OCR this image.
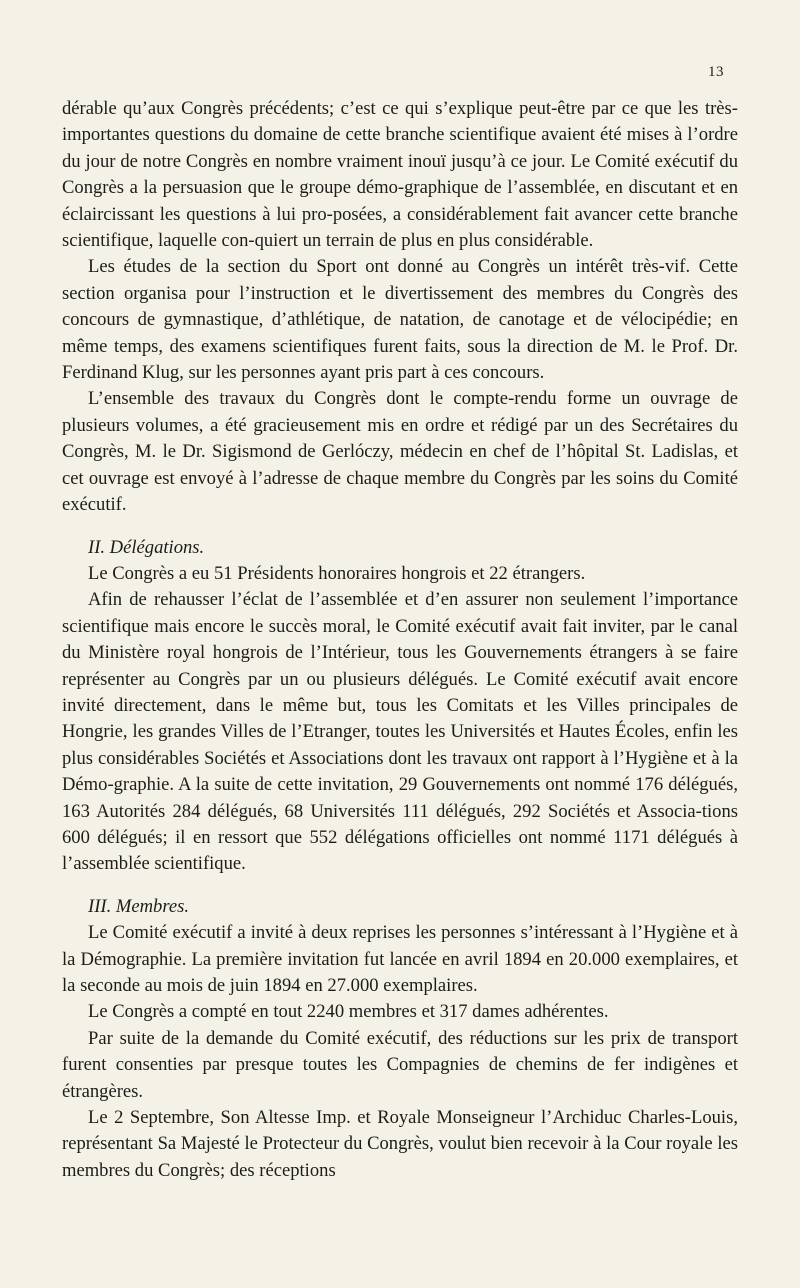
13

dérable qu’aux Congrès précédents; c’est ce qui s’explique peut-être par ce que les très-importantes questions du domaine de cette branche scientifique avaient été mises à l’ordre du jour de notre Congrès en nombre vraiment inouï jusqu’à ce jour. Le Comité exécutif du Congrès a la persuasion que le groupe démo-graphique de l’assemblée, en discutant et en éclaircissant les questions à lui pro-posées, a considérablement fait avancer cette branche scientifique, laquelle con-quiert un terrain de plus en plus considérable.

Les études de la section du Sport ont donné au Congrès un intérêt très-vif. Cette section organisa pour l’instruction et le divertissement des membres du Congrès des concours de gymnastique, d’athlétique, de natation, de canotage et de vélocipédie; en même temps, des examens scientifiques furent faits, sous la direction de M. le Prof. Dr. Ferdinand Klug, sur les personnes ayant pris part à ces concours.

L’ensemble des travaux du Congrès dont le compte-rendu forme un ouvrage de plusieurs volumes, a été gracieusement mis en ordre et rédigé par un des Secrétaires du Congrès, M. le Dr. Sigismond de Gerlóczy, médecin en chef de l’hôpital St. Ladislas, et cet ouvrage est envoyé à l’adresse de chaque membre du Congrès par les soins du Comité exécutif.

II. Délégations.

Le Congrès a eu 51 Présidents honoraires hongrois et 22 étrangers.

Afin de rehausser l’éclat de l’assemblée et d’en assurer non seulement l’importance scientifique mais encore le succès moral, le Comité exécutif avait fait inviter, par le canal du Ministère royal hongrois de l’Intérieur, tous les Gouvernements étrangers à se faire représenter au Congrès par un ou plusieurs délégués. Le Comité exécutif avait encore invité directement, dans le même but, tous les Comitats et les Villes principales de Hongrie, les grandes Villes de l’Etranger, toutes les Universités et Hautes Écoles, enfin les plus considérables Sociétés et Associations dont les travaux ont rapport à l’Hygiène et à la Démo-graphie. A la suite de cette invitation, 29 Gouvernements ont nommé 176 délégués, 163 Autorités 284 délégués, 68 Universités 111 délégués, 292 Sociétés et Associa-tions 600 délégués; il en ressort que 552 délégations officielles ont nommé 1171 délégués à l’assemblée scientifique.

III. Membres.

Le Comité exécutif a invité à deux reprises les personnes s’intéressant à l’Hygiène et à la Démographie. La première invitation fut lancée en avril 1894 en 20.000 exemplaires, et la seconde au mois de juin 1894 en 27.000 exemplaires.

Le Congrès a compté en tout 2240 membres et 317 dames adhérentes.

Par suite de la demande du Comité exécutif, des réductions sur les prix de transport furent consenties par presque toutes les Compagnies de chemins de fer indigènes et étrangères.

Le 2 Septembre, Son Altesse Imp. et Royale Monseigneur l’Archiduc Charles-Louis, représentant Sa Majesté le Protecteur du Congrès, voulut bien recevoir à la Cour royale les membres du Congrès; des réceptions
